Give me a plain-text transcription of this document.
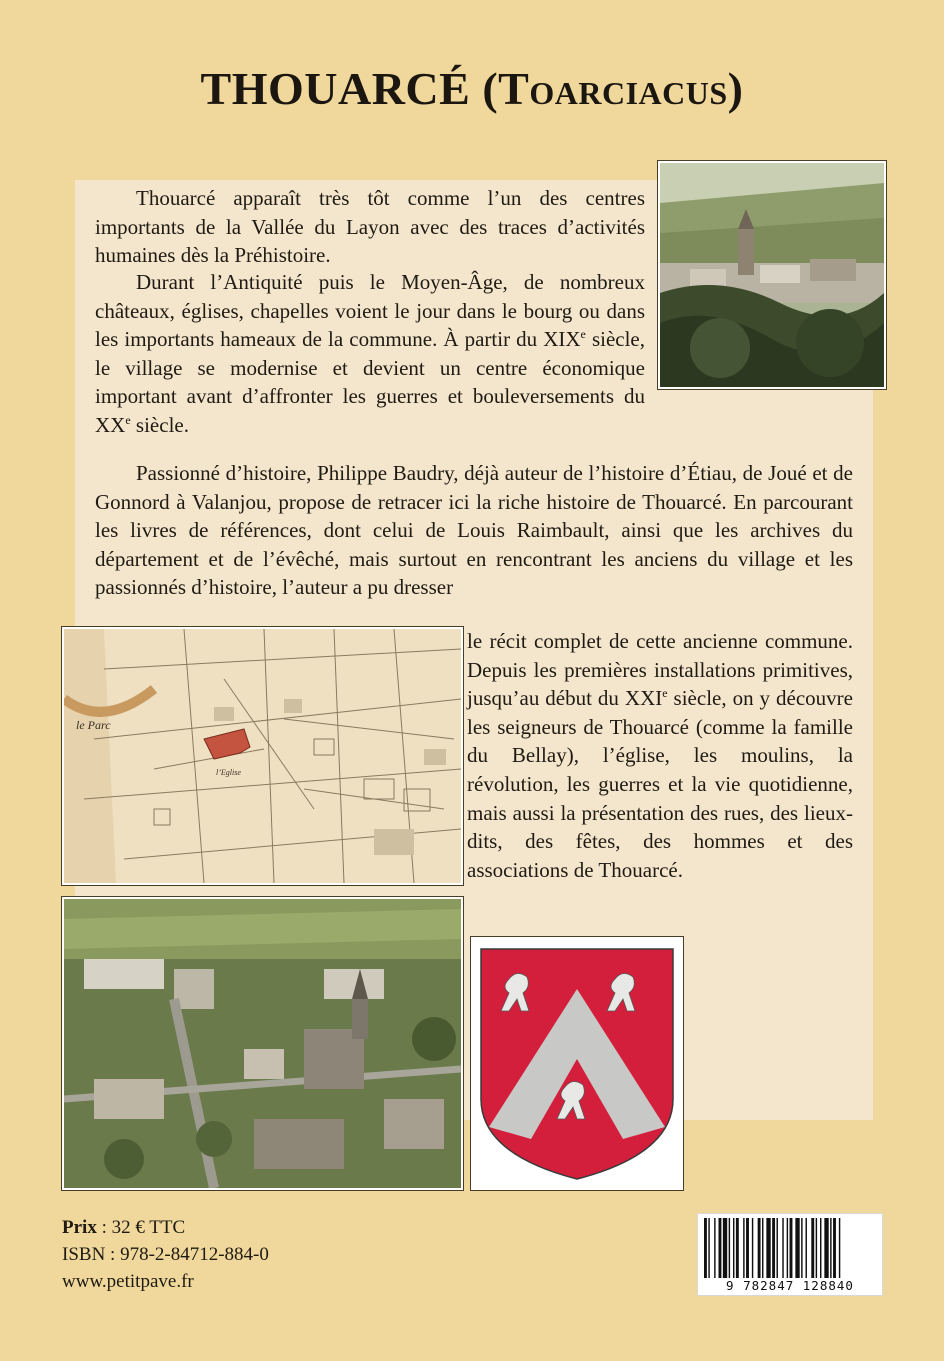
THOUARCÉ (Toarciacus)

Thouarcé apparaît très tôt comme l’un des centres importants de la Vallée du Layon avec des traces d’activités humaines dès la Préhistoire.

Durant l’Antiquité puis le Moyen-Âge, de nombreux châteaux, églises, chapelles voient le jour dans le bourg ou dans les importants hameaux de la commune. À partir du XIXe siècle, le village se modernise et devient un centre économique important avant d’affronter les guerres et bouleversements du XXe siècle.

Passionné d’histoire, Philippe Baudry, déjà auteur de l’histoire d’Étiau, de Joué et de Gonnord à Valanjou, propose de retracer ici la riche histoire de Thouarcé. En parcourant les livres de références, dont celui de Louis Raimbault, ainsi que les archives du département et de l’évêché, mais surtout en rencontrant les anciens du village et les passionnés d’histoire, l’auteur a pu dresser

le récit complet de cette ancienne commune. Depuis les premières installations primitives, jusqu’au début du XXIe siècle, on y découvre les seigneurs de Thouarcé (comme la famille du Bellay), l’église, les moulins, la révolution, les guerres et la vie quotidienne, mais aussi la présentation des rues, des lieux-dits, des fêtes, des hommes et des associations de Thouarcé.

le Parc
l’Eglise
Prix : 32 € TTC
ISBN : 978-2-84712-884-0
www.petitpave.fr	9 782847 128840
